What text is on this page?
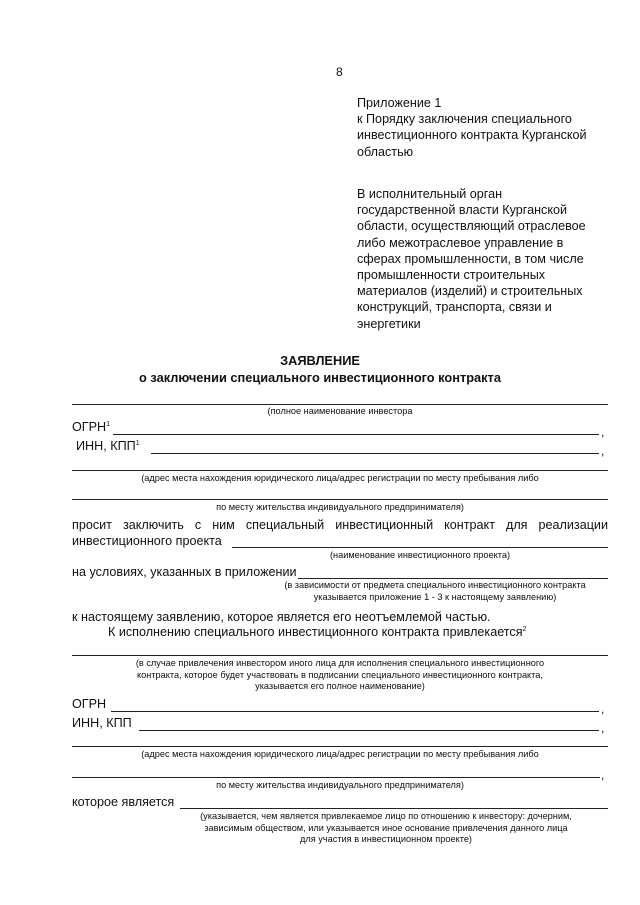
8
Приложение 1
к Порядку заключения специального
инвестиционного контракта Курганской
областью
В исполнительный орган
государственной власти Курганской
области, осуществляющий отраслевое
либо межотраслевое управление в
сферах промышленности, в том числе
промышленности строительных
материалов (изделий) и строительных
конструкций, транспорта, связи и
энергетики
ЗАЯВЛЕНИЕ
о заключении специального инвестиционного контракта
(полное наименование инвестора
ОГРН$^1$
,
ИНН, КПП$^1$
,
(адрес места нахождения юридического лица/адрес регистрации по месту пребывания либо
по месту жительства индивидуального предпринимателя)
просит заключить с ним специальный инвестиционный контракт для реализации
инвестиционного проекта
(наименование инвестиционного проекта)
на условиях, указанных в приложении
(в зависимости от предмета специального инвестиционного контракта
указывается приложение 1 - 3 к настоящему заявлению)
к настоящему заявлению, которое является его неотъемлемой частью.
К исполнению специального инвестиционного контракта привлекается$^2$
(в случае привлечения инвестором иного лица для исполнения специального инвестиционного
контракта, которое будет участвовать в подписании специального инвестиционного контракта,
указывается его полное наименование)
ОГРН	,
ИНН, КПП	,
(адрес места нахождения юридического лица/адрес регистрации по месту пребывания либо
,
по месту жительства индивидуального предпринимателя)
которое является
(указывается, чем является привлекаемое лицо по отношению к инвестору: дочерним,
зависимым обществом, или указывается иное основание привлечения данного лица
для участия в инвестиционном проекте)
